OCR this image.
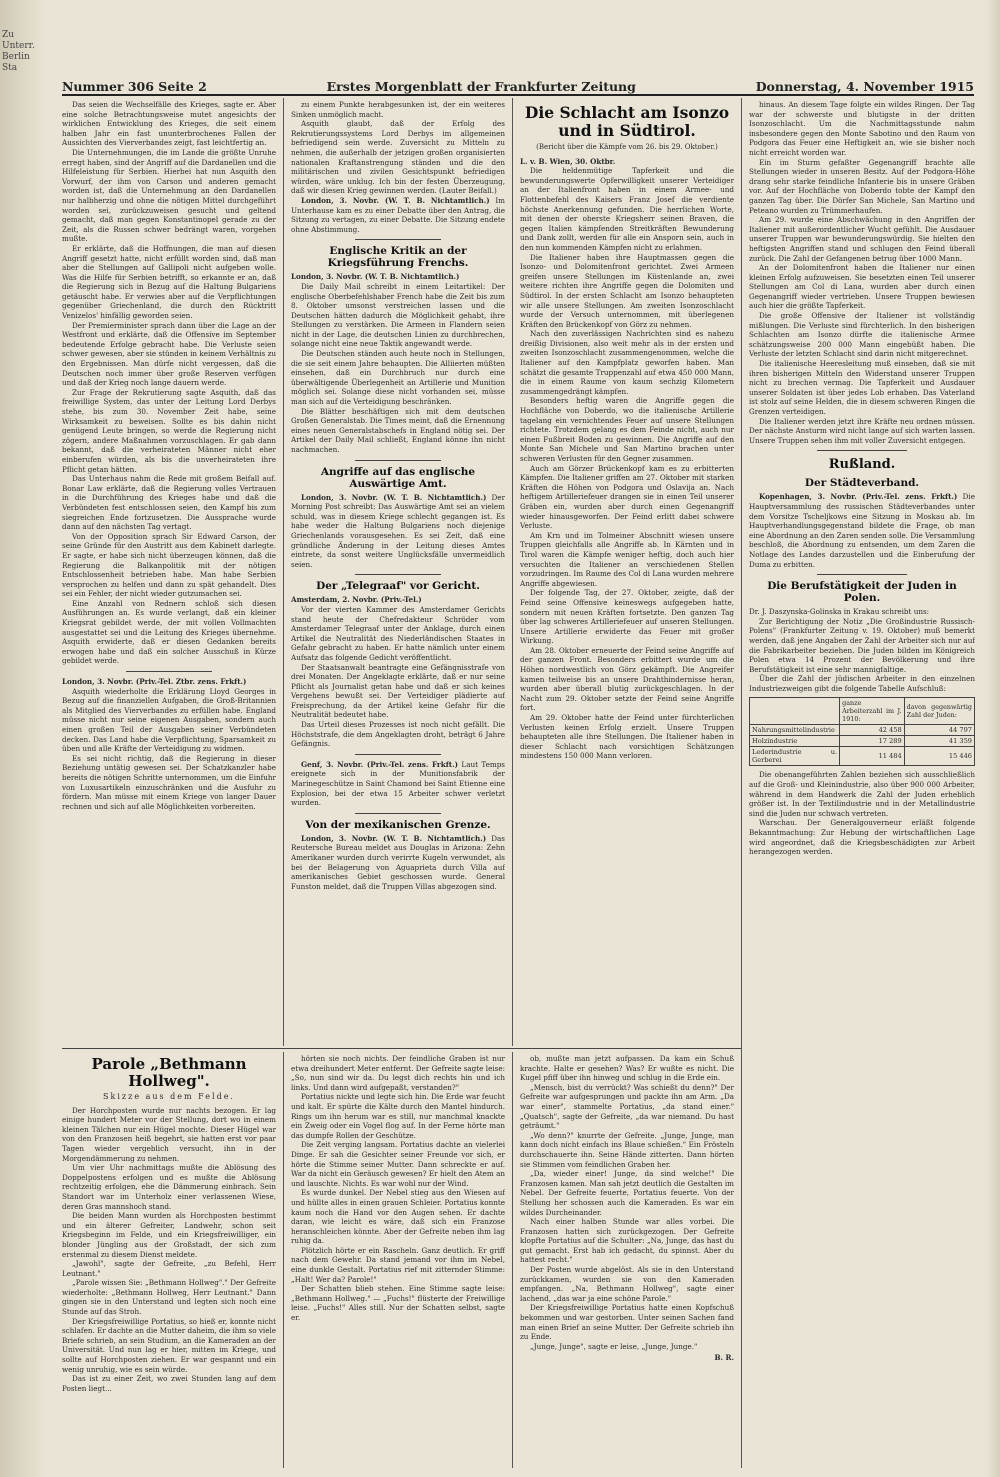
Zu Unterr. Berlin Sta
Nummer 306 Seite 2	Erstes Morgenblatt der Frankfurter Zeitung	Donnerstag, 4. November 1915

Das seien die Wechselfälle des Krieges, sagte er. Aber eine solche Betrachtungsweise mutet angesichts der wirklichen Entwicklung des Krieges, die seit einem halben Jahr ein fast ununterbrochenes Fallen der Aussichten des Vierverbandes zeigt, fast leichtfertig an.

Die Unternehmungen, die im Lande die größte Unruhe erregt haben, sind der Angriff auf die Dardanellen und die Hilfeleistung für Serbien. Hierbei hat nun Asquith den Vorwurf, der ihm von Carson und anderen gemacht worden ist, daß die Unternehmung an den Dardanellen nur halbherzig und ohne die nötigen Mittel durchgeführt worden sei, zurückzuweisen gesucht und geltend gemacht, daß man gegen Konstantinopel gerade zu der Zeit, als die Russen schwer bedrängt waren, vorgehen mußte.

Er erklärte, daß die Hoffnungen, die man auf diesen Angriff gesetzt hatte, nicht erfüllt worden sind, daß man aber die Stellungen auf Gallipoli nicht aufgeben wolle. Was die Hilfe für Serbien betrifft, so erkannte er an, daß die Regierung sich in Bezug auf die Haltung Bulgariens getäuscht habe. Er verwies aber auf die Verpflichtungen gegenüber Griechenland, die durch den Rücktritt Venizelos' hinfällig geworden seien.

Der Premierminister sprach dann über die Lage an der Westfront und erklärte, daß die Offensive im September bedeutende Erfolge gebracht habe. Die Verluste seien schwer gewesen, aber sie stünden in keinem Verhältnis zu den Ergebnissen. Man dürfe nicht vergessen, daß die Deutschen noch immer über große Reserven verfügen und daß der Krieg noch lange dauern werde.

Zur Frage der Rekrutierung sagte Asquith, daß das freiwillige System, das unter der Leitung Lord Derbys stehe, bis zum 30. November Zeit habe, seine Wirksamkeit zu beweisen. Sollte es bis dahin nicht genügend Leute bringen, so werde die Regierung nicht zögern, andere Maßnahmen vorzuschlagen. Er gab dann bekannt, daß die verheirateten Männer nicht eher einberufen würden, als bis die unverheirateten ihre Pflicht getan hätten.

Das Unterhaus nahm die Rede mit großem Beifall auf. Bonar Law erklärte, daß die Regierung volles Vertrauen in die Durchführung des Krieges habe und daß die Verbündeten fest entschlossen seien, den Kampf bis zum siegreichen Ende fortzusetzen. Die Aussprache wurde dann auf den nächsten Tag vertagt.

Von der Opposition sprach Sir Edward Carson, der seine Gründe für den Austritt aus dem Kabinett darlegte. Er sagte, er habe sich nicht überzeugen können, daß die Regierung die Balkanpolitik mit der nötigen Entschlossenheit betrieben habe. Man habe Serbien versprochen zu helfen und dann zu spät gehandelt. Dies sei ein Fehler, der nicht wieder gutzumachen sei.

Eine Anzahl von Rednern schloß sich diesen Ausführungen an. Es wurde verlangt, daß ein kleiner Kriegsrat gebildet werde, der mit vollen Vollmachten ausgestattet sei und die Leitung des Krieges übernehme. Asquith erwiderte, daß er diesen Gedanken bereits erwogen habe und daß ein solcher Ausschuß in Kürze gebildet werde.

London, 3. Novbr. (Priv.-Tel. Ztbr. zens. Frkft.)

Asquith wiederholte die Erklärung Lloyd Georges in Bezug auf die finanziellen Aufgaben, die Groß-Britannien als Mitglied des Vierverbandes zu erfüllen habe. England müsse nicht nur seine eigenen Ausgaben, sondern auch einen großen Teil der Ausgaben seiner Verbündeten decken. Das Land habe die Verpflichtung, Sparsamkeit zu üben und alle Kräfte der Verteidigung zu widmen.

Es sei nicht richtig, daß die Regierung in dieser Beziehung untätig gewesen sei. Der Schatzkanzler habe bereits die nötigen Schritte unternommen, um die Einfuhr von Luxusartikeln einzuschränken und die Ausfuhr zu fördern. Man müsse mit einem Kriege von langer Dauer rechnen und sich auf alle Möglichkeiten vorbereiten.

zu einem Punkte herabgesunken ist, der ein weiteres Sinken unmöglich macht.

Asquith glaubt, daß der Erfolg des Rekrutierungssystems Lord Derbys im allgemeinen befriedigend sein werde. Zuversicht zu Mitteln zu nehmen, die außerhalb der jetzigen großen organisierten nationalen Kraftanstrengung ständen und die den militärischen und zivilen Gesichtspunkt befriedigen würden, wäre unklug. Ich bin der festen Überzeugung, daß wir diesen Krieg gewinnen werden. (Lauter Beifall.)

London, 3. Novbr. (W. T. B. Nichtamtlich.) Im Unterhause kam es zu einer Debatte über den Antrag, die Sitzung zu vertagen, zu einer Debatte. Die Sitzung endete ohne Abstimmung.

Englische Kritik an der Kriegsführung Frenchs.

London, 3. Novbr. (W. T. B. Nichtamtlich.)

Die Daily Mail schreibt in einem Leitartikel: Der englische Oberbefehlshaber French habe die Zeit bis zum 8. Oktober umsonst verstreichen lassen und die Deutschen hätten dadurch die Möglichkeit gehabt, ihre Stellungen zu verstärken. Die Armeen in Flandern seien nicht in der Lage, die deutschen Linien zu durchbrechen, solange nicht eine neue Taktik angewandt werde.

Die Deutschen ständen auch heute noch in Stellungen, die sie seit einem Jahre behaupten. Die Alliierten müßten einsehen, daß ein Durchbruch nur durch eine überwältigende Überlegenheit an Artillerie und Munition möglich sei. Solange diese nicht vorhanden sei, müsse man sich auf die Verteidigung beschränken.

Die Blätter beschäftigen sich mit dem deutschen Großen Generalstab. Die Times meint, daß die Ernennung eines neuen Generalstabschefs in England nötig sei. Der Artikel der Daily Mail schließt, England könne ihn nicht nachmachen.

Angriffe auf das englische Auswärtige Amt.

London, 3. Novbr. (W. T. B. Nichtamtlich.) Der Morning Post schreibt: Das Auswärtige Amt sei an vielem schuld, was in diesem Kriege schlecht gegangen ist. Es habe weder die Haltung Bulgariens noch diejenige Griechenlands vorausgesehen. Es sei Zeit, daß eine gründliche Änderung in der Leitung dieses Amtes eintrete, da sonst weitere Unglücksfälle unvermeidlich seien.

Der „Telegraaf" vor Gericht.

Amsterdam, 2. Novbr. (Priv.-Tel.)

Vor der vierten Kammer des Amsterdamer Gerichts stand heute der Chefredakteur Schröder vom Amsterdamer Telegraaf unter der Anklage, durch einen Artikel die Neutralität des Niederländischen Staates in Gefahr gebracht zu haben. Er hatte nämlich unter einem Aufsatz das folgende Gedicht veröffentlicht.

Der Staatsanwalt beantragte eine Gefängnisstrafe von drei Monaten. Der Angeklagte erklärte, daß er nur seine Pflicht als Journalist getan habe und daß er sich keines Vergehens bewußt sei. Der Verteidiger plädierte auf Freisprechung, da der Artikel keine Gefahr für die Neutralität bedeutet habe.

Das Urteil dieses Prozesses ist noch nicht gefällt. Die Höchststrafe, die dem Angeklagten droht, beträgt 6 Jahre Gefängnis.

Genf, 3. Novbr. (Priv.-Tel. zens. Frkft.) Laut Temps ereignete sich in der Munitionsfabrik der Marinegeschütze in Saint Chamond bei Saint Etienne eine Explosion, bei der etwa 15 Arbeiter schwer verletzt wurden.

Von der mexikanischen Grenze.

London, 3. Novbr. (W. T. B. Nichtamtlich.) Das Reutersche Bureau meldet aus Douglas in Arizona: Zehn Amerikaner wurden durch verirrte Kugeln verwundet, als bei der Belagerung von Aguaprieta durch Villa auf amerikanisches Gebiet geschossen wurde. General Funston meldet, daß die Truppen Villas abgezogen sind.

Die Schlacht am Isonzo und in Südtirol.
(Bericht über die Kämpfe vom 26. bis 29. Oktober.)

L. v. B. Wien, 30. Oktbr.

Die heldenmütige Tapferkeit und die bewunderungswerte Opferwilligkeit unserer Verteidiger an der Italienfront haben in einem Armee- und Flottenbefehl des Kaisers Franz Josef die verdiente höchste Anerkennung gefunden. Die herrlichen Worte, mit denen der oberste Kriegsherr seinen Braven, die gegen Italien kämpfenden Streitkräften Bewunderung und Dank zollt, werden für alle ein Ansporn sein, auch in den nun kommenden Kämpfen nicht zu erlahmen.

Die Italiener haben ihre Hauptmassen gegen die Isonzo- und Dolomitenfront gerichtet. Zwei Armeen greifen unsere Stellungen im Küstenlande an, zwei weitere richten ihre Angriffe gegen die Dolomiten und Südtirol. In der ersten Schlacht am Isonzo behaupteten wir alle unsere Stellungen. Am zweiten Isonzoschlacht wurde der Versuch unternommen, mit überlegenen Kräften den Brückenkopf von Görz zu nehmen.

Nach den zuverlässigen Nachrichten sind es nahezu dreißig Divisionen, also weit mehr als in der ersten und zweiten Isonzoschlacht zusammengenommen, welche die Italiener auf den Kampfplatz geworfen haben. Man schätzt die gesamte Truppenzahl auf etwa 450 000 Mann, die in einem Raume von kaum sechzig Kilometern zusammengedrängt kämpfen.

Besonders heftig waren die Angriffe gegen die Hochfläche von Doberdo, wo die italienische Artillerie tagelang ein vernichtendes Feuer auf unsere Stellungen richtete. Trotzdem gelang es dem Feinde nicht, auch nur einen Fußbreit Boden zu gewinnen. Die Angriffe auf den Monte San Michele und San Martino brachen unter schweren Verlusten für den Gegner zusammen.

Auch am Görzer Brückenkopf kam es zu erbitterten Kämpfen. Die Italiener griffen am 27. Oktober mit starken Kräften die Höhen von Podgora und Oslavija an. Nach heftigem Artilleriefeuer drangen sie in einen Teil unserer Gräben ein, wurden aber durch einen Gegenangriff wieder hinausgeworfen. Der Feind erlitt dabei schwere Verluste.

Am Krn und im Tolmeiner Abschnitt wiesen unsere Truppen gleichfalls alle Angriffe ab. In Kärnten und in Tirol waren die Kämpfe weniger heftig, doch auch hier versuchten die Italiener an verschiedenen Stellen vorzudringen. Im Raume des Col di Lana wurden mehrere Angriffe abgewiesen.

Der folgende Tag, der 27. Oktober, zeigte, daß der Feind seine Offensive keineswegs aufgegeben hatte, sondern mit neuen Kräften fortsetzte. Den ganzen Tag über lag schweres Artilleriefeuer auf unseren Stellungen. Unsere Artillerie erwiderte das Feuer mit großer Wirkung.

Am 28. Oktober erneuerte der Feind seine Angriffe auf der ganzen Front. Besonders erbittert wurde um die Höhen nordwestlich von Görz gekämpft. Die Angreifer kamen teilweise bis an unsere Drahthindernisse heran, wurden aber überall blutig zurückgeschlagen. In der Nacht zum 29. Oktober setzte der Feind seine Angriffe fort.

Am 29. Oktober hatte der Feind unter fürchterlichen Verlusten keinen Erfolg erzielt. Unsere Truppen behaupteten alle ihre Stellungen. Die Italiener haben in dieser Schlacht nach vorsichtigen Schätzungen mindestens 150 000 Mann verloren.

hinaus. An diesem Tage folgte ein wildes Ringen. Der Tag war der schwerste und blutigste in der dritten Isonzoschlacht. Um die Nachmittagsstunde nahm insbesondere gegen den Monte Sabotino und den Raum von Podgora das Feuer eine Heftigkeit an, wie sie bisher noch nicht erreicht worden war.

Ein im Sturm gefaßter Gegenangriff brachte alle Stellungen wieder in unseren Besitz. Auf der Podgora-Höhe drang sehr starke feindliche Infanterie bis in unsere Gräben vor. Auf der Hochfläche von Doberdo tobte der Kampf den ganzen Tag über. Die Dörfer San Michele, San Martino und Peteano wurden zu Trümmerhaufen.

Am 29. wurde eine Abschwächung in den Angriffen der Italiener mit außerordentlicher Wucht gefühlt. Die Ausdauer unserer Truppen war bewunderungswürdig. Sie hielten den heftigsten Angriffen stand und schlugen den Feind überall zurück. Die Zahl der Gefangenen betrug über 1000 Mann.

An der Dolomitenfront haben die Italiener nur einen kleinen Erfolg aufzuweisen. Sie besetzten einen Teil unserer Stellungen am Col di Lana, wurden aber durch einen Gegenangriff wieder vertrieben. Unsere Truppen bewiesen auch hier die größte Tapferkeit.

Die große Offensive der Italiener ist vollständig mißlungen. Die Verluste sind fürchterlich. In den bisherigen Schlachten am Isonzo dürfte die italienische Armee schätzungsweise 200 000 Mann eingebüßt haben. Die Verluste der letzten Schlacht sind darin nicht mitgerechnet.

Die italienische Heeresleitung muß einsehen, daß sie mit ihren bisherigen Mitteln den Widerstand unserer Truppen nicht zu brechen vermag. Die Tapferkeit und Ausdauer unserer Soldaten ist über jedes Lob erhaben. Das Vaterland ist stolz auf seine Helden, die in diesem schweren Ringen die Grenzen verteidigen.

Die Italiener werden jetzt ihre Kräfte neu ordnen müssen. Der nächste Ansturm wird nicht lange auf sich warten lassen. Unsere Truppen sehen ihm mit voller Zuversicht entgegen.

Rußland.
Der Städteverband.

Kopenhagen, 3. Novbr. (Priv.-Tel. zens. Frkft.) Die Hauptversammlung des russischen Städteverbandes unter dem Vorsitze Tscheljkows eine Sitzung in Moskau ab. Im Hauptverhandlungsgegenstand bildete die Frage, ob man eine Abordnung an den Zaren senden solle. Die Versammlung beschloß, die Abordnung zu entsenden, um dem Zaren die Notlage des Landes darzustellen und die Einberufung der Duma zu erbitten.

Die Berufstätigkeit der Juden in Polen.

Dr. J. Daszynska-Golinska in Krakau schreibt uns:

Zur Berichtigung der Notiz „Die Großindustrie Russisch-Polens" (Frankfurter Zeitung v. 19. Oktober) muß bemerkt werden, daß jene Angaben der Zahl der Arbeiter sich nur auf die Fabrikarbeiter beziehen. Die Juden bilden im Königreich Polen etwa 14 Prozent der Bevölkerung und ihre Berufstätigkeit ist eine sehr mannigfaltige.

Über die Zahl der jüdischen Arbeiter in den einzelnen Industriezweigen gibt die folgende Tabelle Aufschluß:

	ganze Arbeiterzahl im J. 1910:	davon gegenwärtig Zahl der Juden:
Nahrungsmittelindustrie	42 458	44 797
Holzindustrie	17 289	41 359
Lederindustrie u. Gerberei	11 484	15 446

Die obenangeführten Zahlen beziehen sich ausschließlich auf die Groß- und Kleinindustrie, also über 900 000 Arbeiter, während in dem Handwerk die Zahl der Juden erheblich größer ist. In der Textilindustrie und in der Metallindustrie sind die Juden nur schwach vertreten.

Warschau. Der Generalgouverneur erläßt folgende Bekanntmachung: Zur Hebung der wirtschaftlichen Lage wird angeordnet, daß die Kriegsbeschädigten zur Arbeit herangezogen werden.

Parole „Bethmann Hollweg".
Skizze aus dem Felde.

Der Horchposten wurde nur nachts bezogen. Er lag einige hundert Meter vor der Stellung, dort wo in einem kleinen Tälchen nur ein Hügel mochte. Dieser Hügel war von den Franzosen heiß begehrt, sie hatten erst vor paar Tagen wieder vergeblich versucht, ihn in der Morgendämmerung zu nehmen.

Um vier Uhr nachmittags mußte die Ablösung des Doppelpostens erfolgen und es mußte die Ablösung rechtzeitig erfolgen, ehe die Dämmerung einbrach. Sein Standort war im Unterholz einer verlassenen Wiese, deren Gras mannshoch stand.

Die beiden Mann wurden als Horchposten bestimmt und ein älterer Gefreiter, Landwehr, schon seit Kriegsbeginn im Felde, und ein Kriegsfreiwilliger, ein blonder Jüngling aus der Großstadt, der sich zum erstenmal zu diesem Dienst meldete.

„Jawohl", sagte der Gefreite, „zu Befehl, Herr Leutnant."

„Parole wissen Sie: „Bethmann Hollweg"." Der Gefreite wiederholte: „Bethmann Hollweg, Herr Leutnant." Dann gingen sie in den Unterstand und legten sich noch eine Stunde auf das Stroh.

Der Kriegsfreiwillige Portatius, so hieß er, konnte nicht schlafen. Er dachte an die Mutter daheim, die ihm so viele Briefe schrieb, an sein Studium, an die Kameraden an der Universität. Und nun lag er hier, mitten im Kriege, und sollte auf Horchposten ziehen. Er war gespannt und ein wenig unruhig, wie es sein würde.

Das ist zu einer Zeit, wo zwei Stunden lang auf dem Posten liegt...

hörten sie noch nichts. Der feindliche Graben ist nur etwa dreihundert Meter entfernt. Der Gefreite sagte leise: „So, nun sind wir da. Du legst dich rechts hin und ich links. Und dann wird aufgepaßt, verstanden?"

Portatius nickte und legte sich hin. Die Erde war feucht und kalt. Er spürte die Kälte durch den Mantel hindurch. Rings um ihn herum war es still, nur manchmal knackte ein Zweig oder ein Vogel flog auf. In der Ferne hörte man das dumpfe Rollen der Geschütze.

Die Zeit verging langsam. Portatius dachte an vielerlei Dinge. Er sah die Gesichter seiner Freunde vor sich, er hörte die Stimme seiner Mutter. Dann schreckte er auf. War da nicht ein Geräusch gewesen? Er hielt den Atem an und lauschte. Nichts. Es war wohl nur der Wind.

Es wurde dunkel. Der Nebel stieg aus den Wiesen auf und hüllte alles in einen grauen Schleier. Portatius konnte kaum noch die Hand vor den Augen sehen. Er dachte daran, wie leicht es wäre, daß sich ein Franzose heranschleichen könnte. Aber der Gefreite neben ihm lag ruhig da.

Plötzlich hörte er ein Rascheln. Ganz deutlich. Er griff nach dem Gewehr. Da stand jemand vor ihm im Nebel, eine dunkle Gestalt. Portatius rief mit zitternder Stimme: „Halt! Wer da? Parole!"

Der Schatten blieb stehen. Eine Stimme sagte leise: „Bethmann Hollweg." — „Fuchs!" flüsterte der Freiwillige leise. „Fuchs!" Alles still. Nur der Schatten selbst, sagte er.

ob, mußte man jetzt aufpassen. Da kam ein Schuß krachte. Halte er gesehen? Was? Er wußte es nicht. Die Kugel pfiff über ihn hinweg und schlug in die Erde ein.

„Mensch, bist du verrückt? Was schießt du denn?" Der Gefreite war aufgesprungen und packte ihn am Arm. „Da war einer", stammelte Portatius, „da stand einer." „Quatsch", sagte der Gefreite, „da war niemand. Du hast geträumt."

„Wo denn?" knurrte der Gefreite. „Junge, Junge, man kann doch nicht einfach ins Blaue schießen." Ein Frösteln durchschauerte ihn. Seine Hände zitterten. Dann hörten sie Stimmen vom feindlichen Graben her.

„Da, wieder einer! Junge, da sind welche!" Die Franzosen kamen. Man sah jetzt deutlich die Gestalten im Nebel. Der Gefreite feuerte, Portatius feuerte. Von der Stellung her schossen auch die Kameraden. Es war ein wildes Durcheinander.

Nach einer halben Stunde war alles vorbei. Die Franzosen hatten sich zurückgezogen. Der Gefreite klopfte Portatius auf die Schulter: „Na, Junge, das hast du gut gemacht. Erst hab ich gedacht, du spinnst. Aber du hattest recht."

Der Posten wurde abgelöst. Als sie in den Unterstand zurückkamen, wurden sie von den Kameraden empfangen. „Na, Bethmann Hollweg", sagte einer lachend, „das war ja eine schöne Parole."

Der Kriegsfreiwillige Portatius hatte einen Kopfschuß bekommen und war gestorben. Unter seinen Sachen fand man einen Brief an seine Mutter. Der Gefreite schrieb ihn zu Ende.

„Junge, Junge", sagte er leise, „Junge, Junge."

B. R.
